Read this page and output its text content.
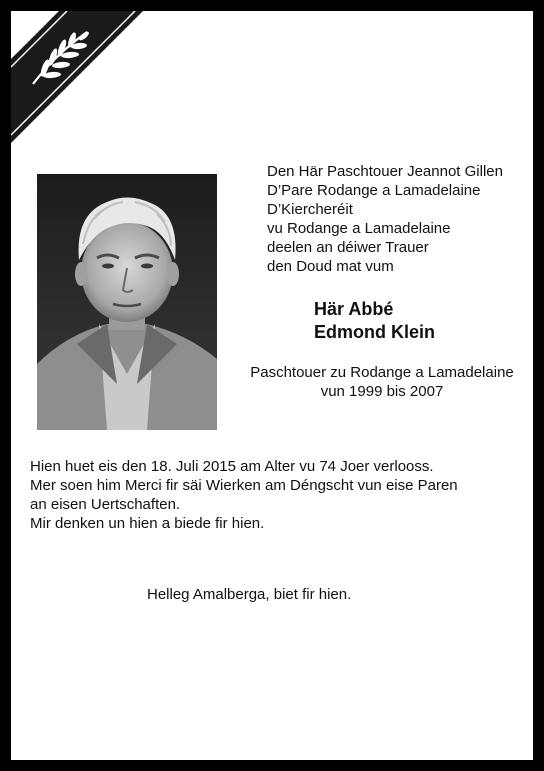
Den Här Paschtouer Jeannot Gillen
D’Pare Rodange a Lamadelaine
D’Kiercheréit
vu Rodange a Lamadelaine
deelen an déiwer Trauer
den Doud mat vum
Här Abbé
Edmond Klein
Paschtouer zu Rodange a Lamadelaine
vun 1999 bis 2007
Hien huet eis den 18. Juli 2015 am Alter vu 74 Joer verlooss.
Mer soen him Merci fir säi Wierken am Déngscht vun eise Paren
an eisen Uertschaften.
Mir denken un hien a biede fir hien.
Helleg Amalberga, biet fir hien.
